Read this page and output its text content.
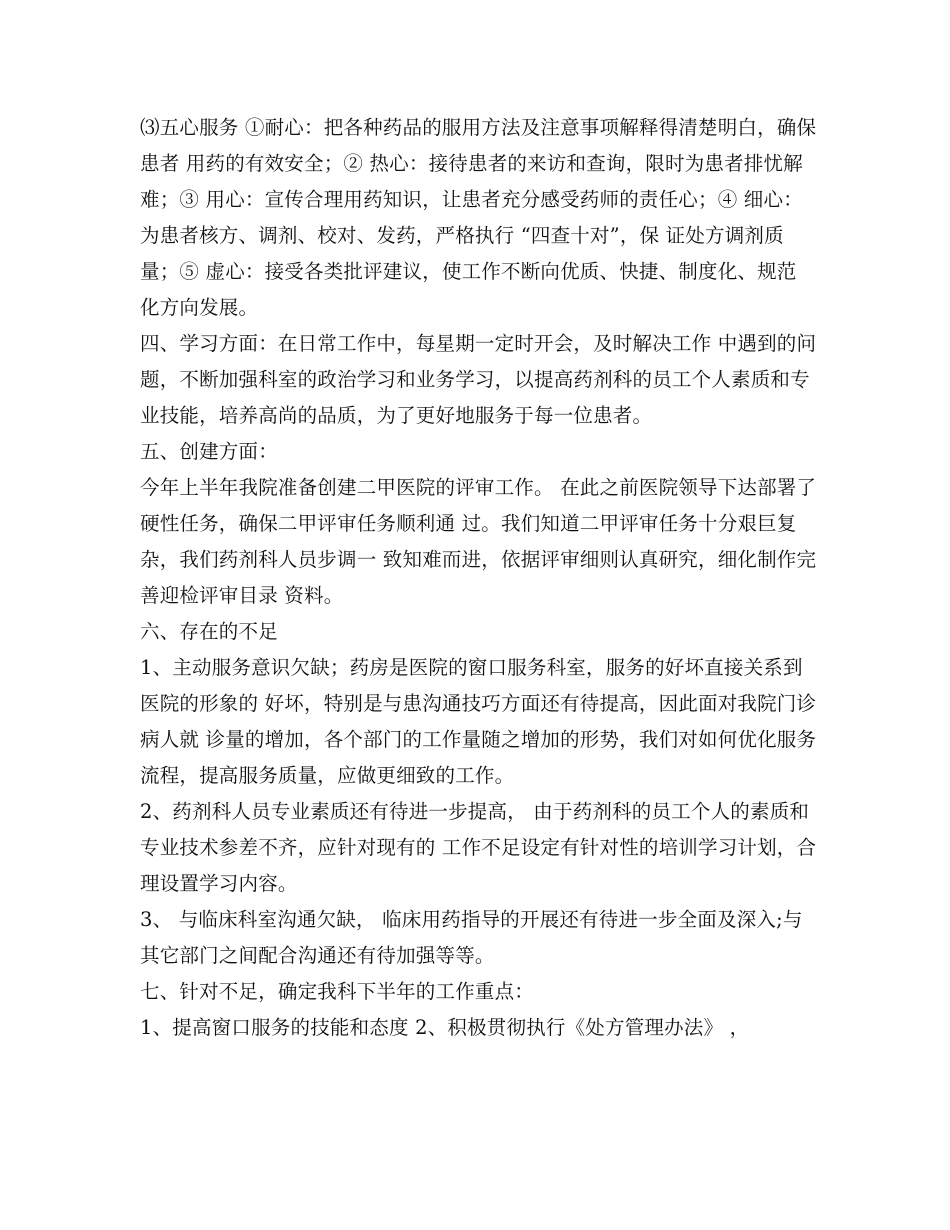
⑶五心服务 ①耐心：把各种药品的服用方法及注意事项解释得清楚明白，确保患者 用药的有效安全；② 热心：接待患者的来访和查询，限时为患者排忧解难；③ 用心：宣传合理用药知识，让患者充分感受药师的责任心；④ 细心：为患者核方、调剂、校对、发药，严格执行 “四查十对”，保 证处方调剂质量；⑤ 虚心：接受各类批评建议，使工作不断向优质、快捷、制度化、规范 化方向发展。

四、学习方面：在日常工作中，每星期一定时开会，及时解决工作 中遇到的问题，不断加强科室的政治学习和业务学习，以提高药剂科的员工个人素质和专业技能，培养高尚的品质，为了更好地服务于每一位患者。

五、创建方面：

今年上半年我院准备创建二甲医院的评审工作。 在此之前医院领导下达部署了硬性任务，确保二甲评审任务顺利通 过。我们知道二甲评审任务十分艰巨复杂，我们药剂科人员步调一 致知难而进，依据评审细则认真研究，细化制作完善迎检评审目录 资料。

六、存在的不足

1、主动服务意识欠缺；药房是医院的窗口服务科室，服务的好坏直接关系到医院的形象的 好坏，特别是与患沟通技巧方面还有待提高，因此面对我院门诊病人就 诊量的增加，各个部门的工作量随之增加的形势，我们对如何优化服务 流程，提高服务质量，应做更细致的工作。

2、药剂科人员专业素质还有待进一步提高， 由于药剂科的员工个人的素质和专业技术参差不齐，应针对现有的 工作不足设定有针对性的培训学习计划，合理设置学习内容。

3、 与临床科室沟通欠缺， 临床用药指导的开展还有待进一步全面及深入;与其它部门之间配合沟通还有待加强等等。

七、针对不足，确定我科下半年的工作重点：

1、提高窗口服务的技能和态度 2、积极贯彻执行《处方管理办法》 ，
